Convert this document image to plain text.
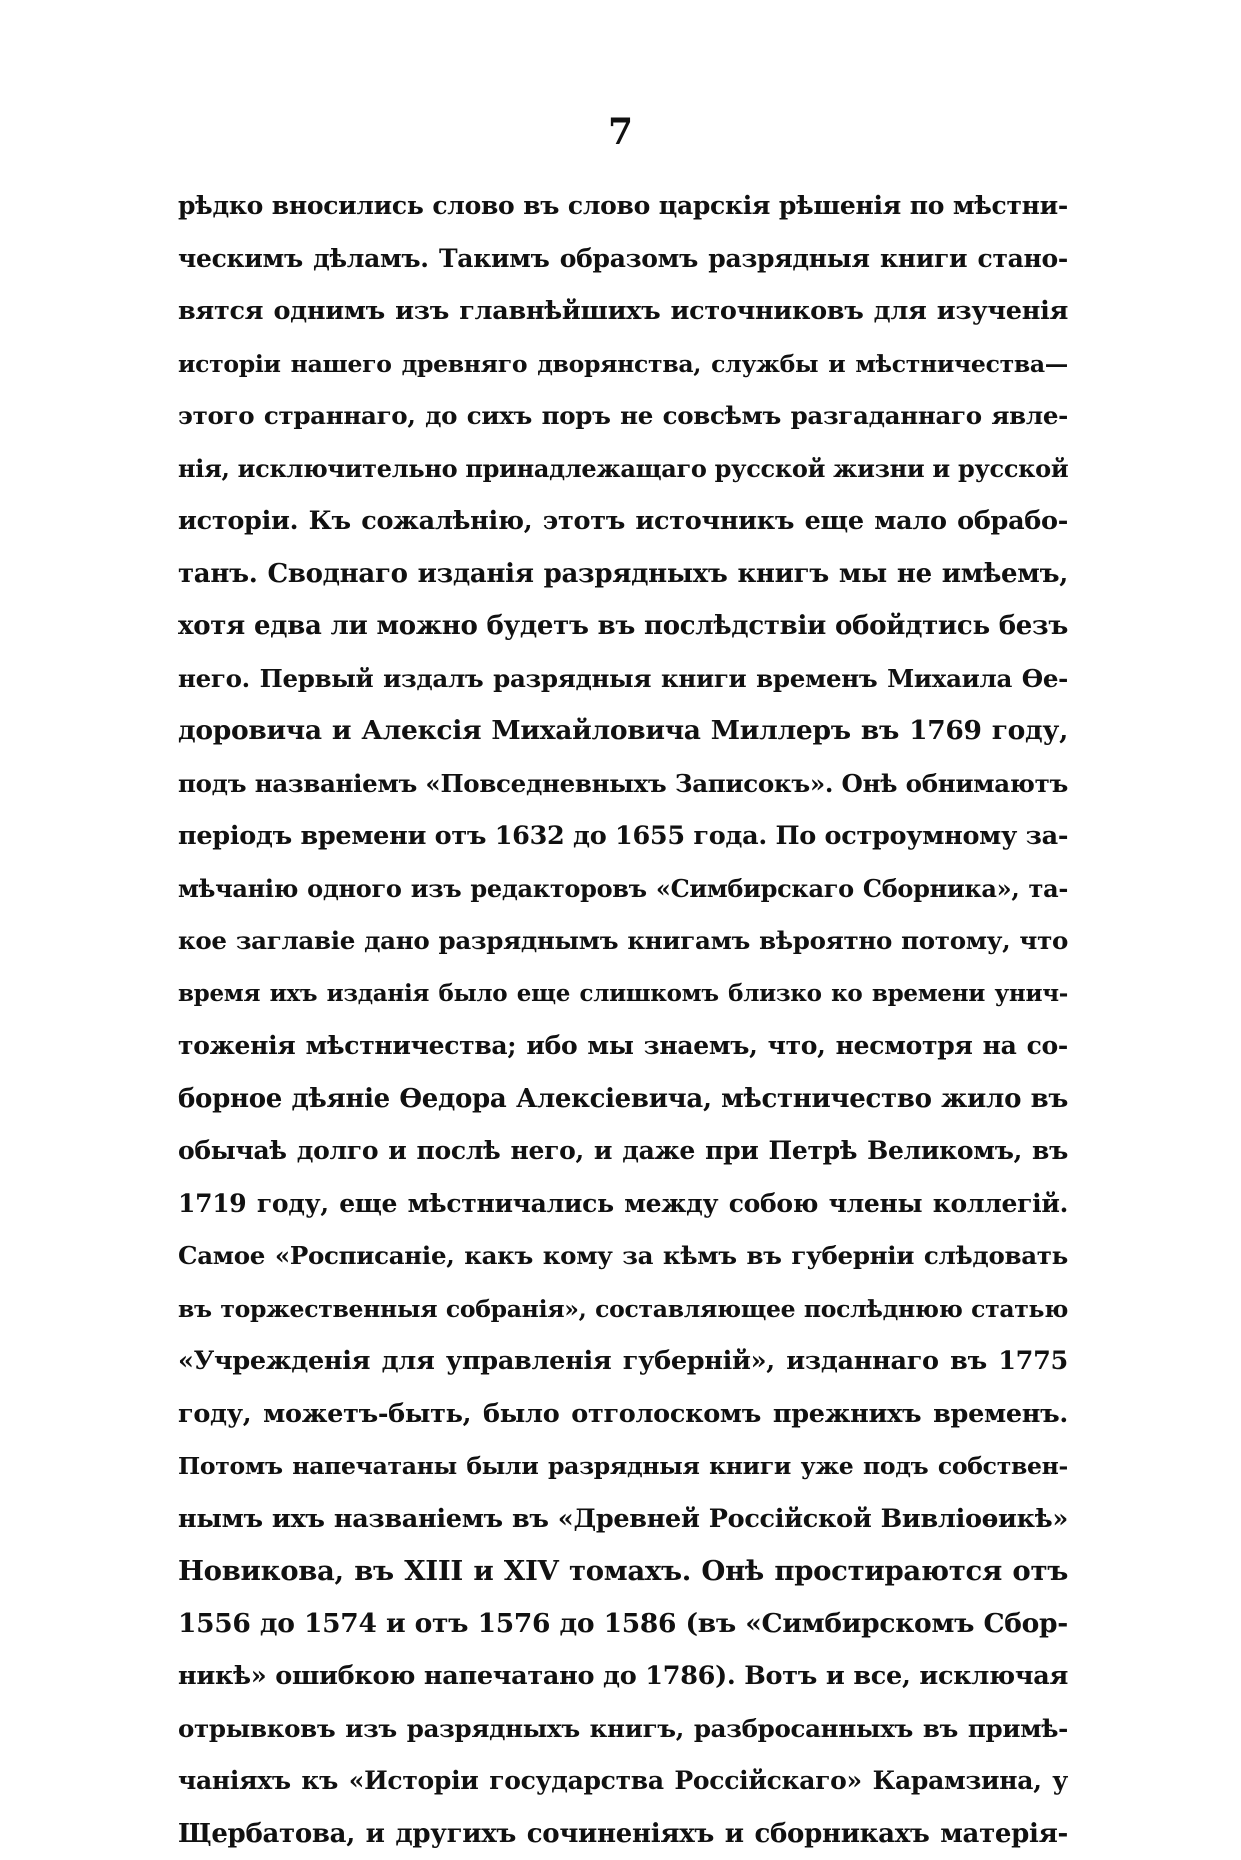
7
рѣдко вносились слово въ слово царскія рѣшенія по мѣстни-
ческимъ дѣламъ. Такимъ образомъ разрядныя книги стано-
вятся однимъ изъ главнѣйшихъ источниковъ для изученія
исторіи нашего древняго дворянства, службы и мѣстничества—
этого страннаго, до сихъ поръ не совсѣмъ разгаданнаго явле-
нія, исключительно принадлежащаго русской жизни и русской
исторіи. Къ сожалѣнію, этотъ источникъ еще мало обрабо-
танъ. Своднаго изданія разрядныхъ книгъ мы не имѣемъ,
хотя едва ли можно будетъ въ послѣдствіи обойдтись безъ
него. Первый издалъ разрядныя книги временъ Михаила Ѳе-
доровича и Алексія Михайловича Миллеръ въ 1769 году,
подъ названіемъ «Повседневныхъ Записокъ». Онѣ обнимаютъ
періодъ времени отъ 1632 до 1655 года. По остроумному за-
мѣчанію одного изъ редакторовъ «Симбирскаго Сборника», та-
кое заглавіе дано разряднымъ книгамъ вѣроятно потому, что
время ихъ изданія было еще слишкомъ близко ко времени унич-
тоженія мѣстничества; ибо мы знаемъ, что, несмотря на со-
борное дѣяніе Ѳедора Алексіевича, мѣстничество жило въ
обычаѣ долго и послѣ него, и даже при Петрѣ Великомъ, въ
1719 году, еще мѣстничались между собою члены коллегій.
Самое «Росписаніе, какъ кому за кѣмъ въ губерніи слѣдовать
въ торжественныя собранія», составляющее послѣднюю статью
«Учрежденія для управленія губерній», изданнаго въ 1775
году, можетъ-быть, было отголоскомъ прежнихъ временъ.
Потомъ напечатаны были разрядныя книги уже подъ собствен-
нымъ ихъ названіемъ въ «Древней Россійской Вивліоѳикѣ»
Новикова, въ XIII и XIV томахъ. Онѣ простираются отъ
1556 до 1574 и отъ 1576 до 1586 (въ «Симбирскомъ Сбор-
никѣ» ошибкою напечатано до 1786). Вотъ и все, исключая
отрывковъ изъ разрядныхъ книгъ, разбросанныхъ въ примѣ-
чаніяхъ къ «Исторіи государства Россійскаго» Карамзина, у
Щербатова, и другихъ сочиненіяхъ и сборникахъ матерія-
